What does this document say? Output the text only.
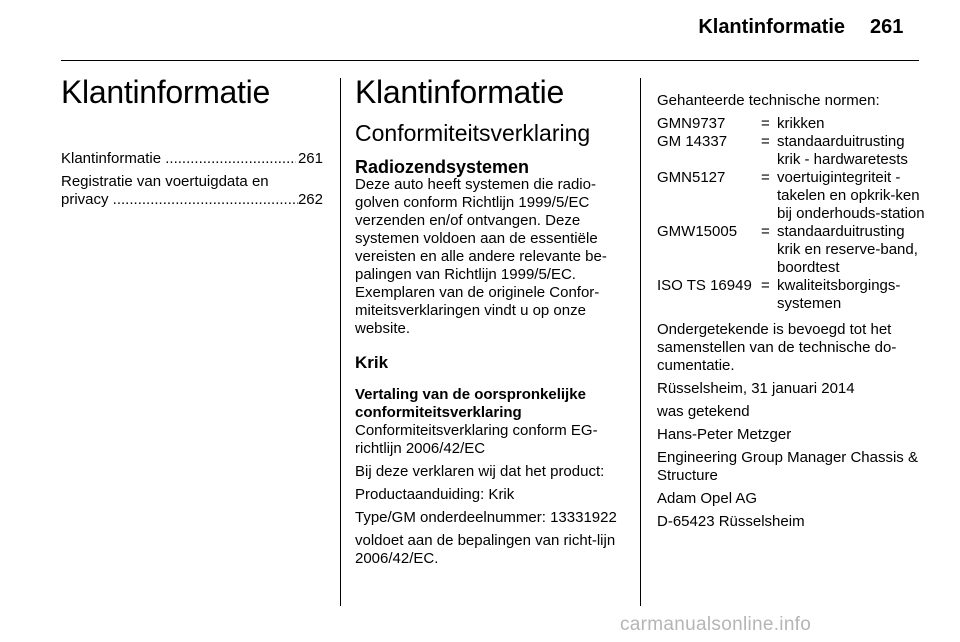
Klantinformatie 261
Klantinformatie
Klantinformatie .....	261
Registratie van voertuigdata en
privacy .....	262
Klantinformatie
Conformiteitsverklaring
Radiozendsystemen

Deze auto heeft systemen die radio-golven conform Richtlijn 1999/5/EC verzenden en/of ontvangen. Deze systemen voldoen aan de essentiële vereisten en alle andere relevante be-palingen van Richtlijn 1999/5/EC. Exemplaren van de originele Confor-miteitsverklaringen vindt u op onze website.

Krik

Vertaling van de oorspronkelijke conformiteitsverklaring

Conformiteitsverklaring conform EG-richtlijn 2006/42/EC

Bij deze verklaren wij dat het product:

Productaanduiding: Krik

Type/GM onderdeelnummer: 13331922

voldoet aan de bepalingen van richt-lijn 2006/42/EC.

Gehanteerde technische normen:

GMN9737	=	krikken
GM 14337	=	standaarduitrusting krik - hardwaretests
GMN5127	=	voertuigintegriteit - takelen en opkrik-ken bij onderhouds-station
GMW15005	=	standaarduitrusting krik en reserve-band, boordtest
ISO TS 16949	=	kwaliteitsborgings-systemen

Ondergetekende is bevoegd tot het samenstellen van de technische do-cumentatie.

Rüsselsheim, 31 januari 2014

was getekend

Hans-Peter Metzger

Engineering Group Manager Chassis & Structure

Adam Opel AG

D-65423 Rüsselsheim

carmanualsonline.info
